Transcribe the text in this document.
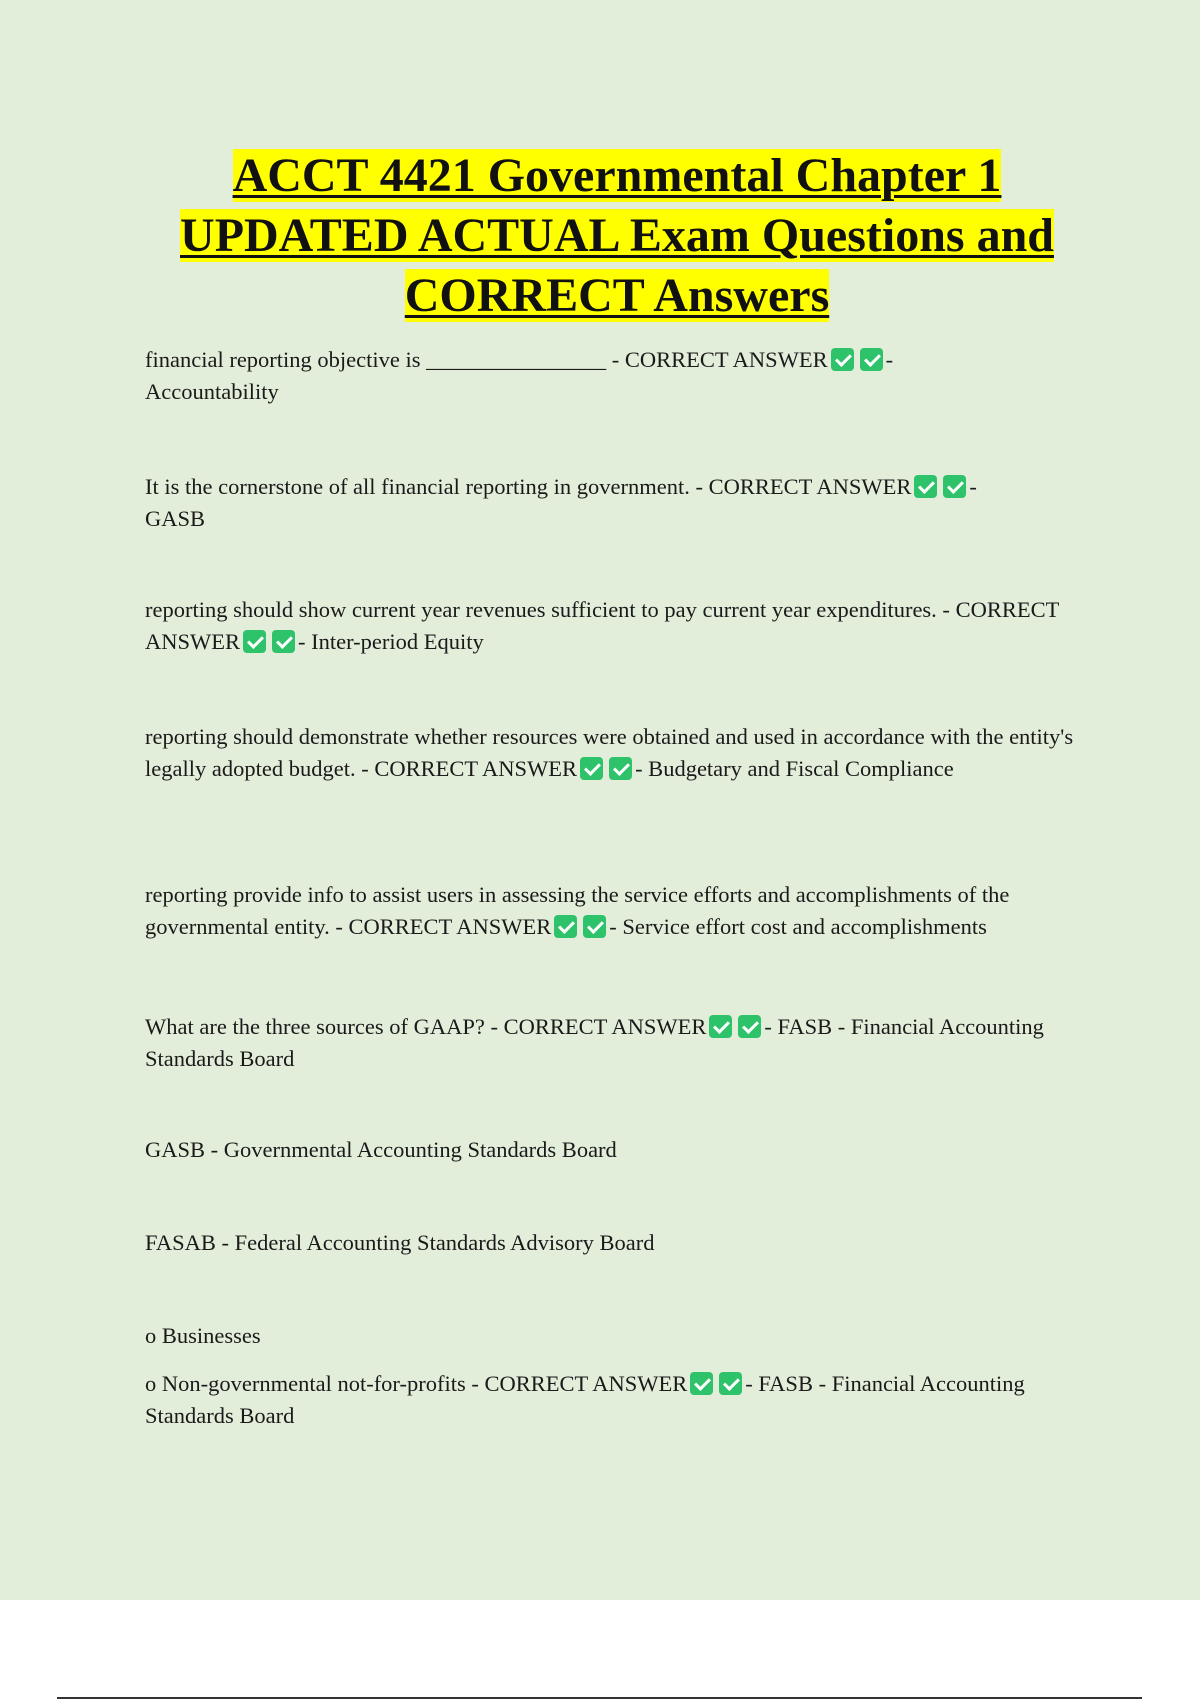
ACCT 4421 Governmental Chapter 1
UPDATED ACTUAL Exam Questions and
CORRECT Answers
financial reporting objective is ________________ - CORRECT ANSWER	-
Accountability
It is the cornerstone of all financial reporting in government. - CORRECT ANSWER	-
GASB
reporting should show current year revenues sufficient to pay current year expenditures. - CORRECT ANSWER	- Inter-period Equity
reporting should demonstrate whether resources were obtained and used in accordance with the entity's legally adopted budget. - CORRECT ANSWER	- Budgetary and Fiscal Compliance
reporting provide info to assist users in assessing the service efforts and accomplishments of the governmental entity. - CORRECT ANSWER	- Service effort cost and accomplishments
What are the three sources of GAAP? - CORRECT ANSWER	- FASB - Financial Accounting Standards Board
GASB - Governmental Accounting Standards Board
FASAB - Federal Accounting Standards Advisory Board
o Businesses
o Non-governmental not-for-profits - CORRECT ANSWER	- FASB - Financial Accounting Standards Board
